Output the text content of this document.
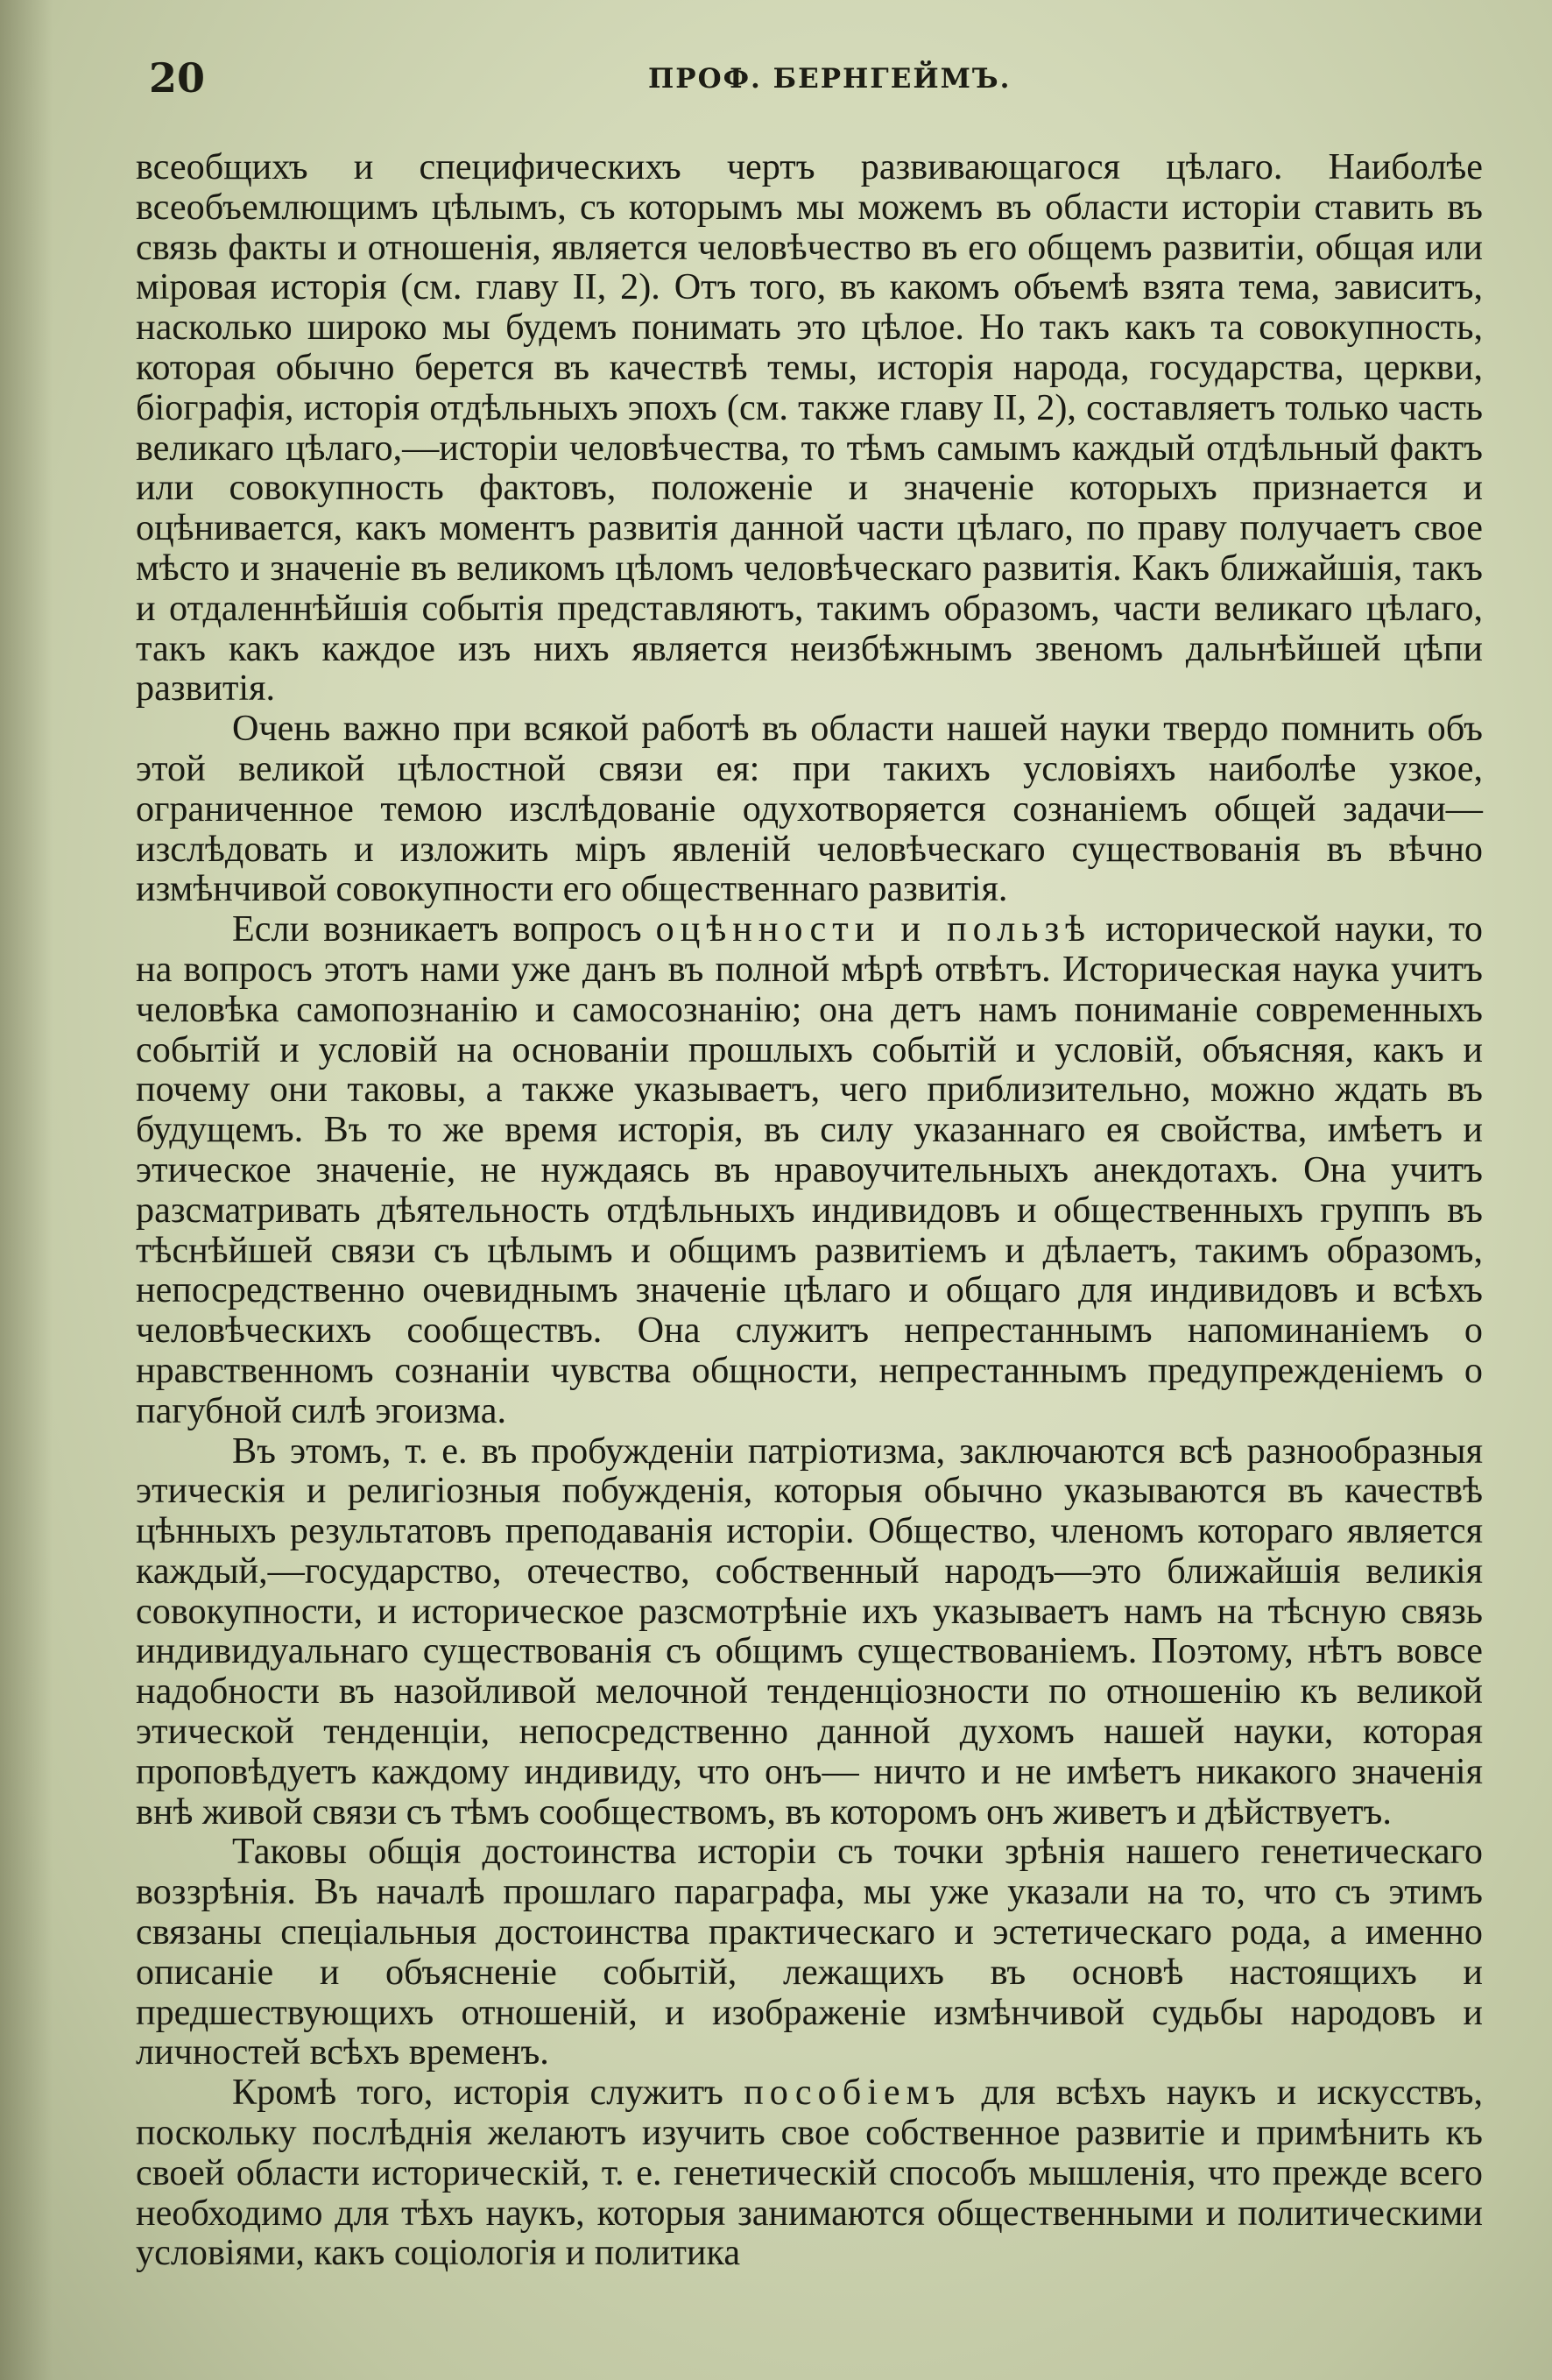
20	ПРОФ. БЕРНГЕЙМЪ.

всеобщихъ и специфическихъ чертъ развивающагося цѣлаго. Наиболѣе всеобъемлющимъ цѣлымъ, съ которымъ мы можемъ въ области исторіи ставить въ связь факты и отношенія, является человѣчество въ его общемъ развитіи, общая или міровая исторія (см. главу II, 2). Отъ того, въ какомъ объемѣ взята тема, зависитъ, насколько широко мы будемъ понимать это цѣлое. Но такъ какъ та совокупность, которая обычно берется въ качествѣ темы, исторія народа, государства, церкви, біографія, исторія отдѣльныхъ эпохъ (см. также главу II, 2), составляетъ только часть великаго цѣлаго,—исторіи человѣчества, то тѣмъ самымъ каждый отдѣльный фактъ или совокупность фактовъ, положеніе и значеніе которыхъ признается и оцѣнивается, какъ моментъ развитія данной части цѣлаго, по праву получаетъ свое мѣсто и значеніе въ великомъ цѣломъ человѣческаго развитія. Какъ ближайшія, такъ и отдаленнѣйшія событія представляютъ, такимъ образомъ, части великаго цѣлаго, такъ какъ каждое изъ нихъ является неизбѣжнымъ звеномъ дальнѣйшей цѣпи развитія.

Очень важно при всякой работѣ въ области нашей науки твердо помнить объ этой великой цѣлостной связи ея: при такихъ условіяхъ наиболѣе узкое, ограниченное темою изслѣдованіе одухотворяется сознаніемъ общей задачи— изслѣдовать и изложить міръ явленій человѣческаго существованія въ вѣчно измѣнчивой совокупности его общественнаго развитія.

Если возникаетъ вопросъ оцѣнности и пользѣ исторической науки, то на вопросъ этотъ нами уже данъ въ полной мѣрѣ отвѣтъ. Историческая наука учитъ человѣка самопознанію и самосознанію; она детъ намъ пониманіе современныхъ событій и условій на основаніи прошлыхъ событій и условій, объясняя, какъ и почему они таковы, а также указываетъ, чего приблизительно, можно ждать въ будущемъ. Въ то же время исторія, въ силу указаннаго ея свойства, имѣетъ и этическое значеніе, не нуждаясь въ нравоучительныхъ анекдотахъ. Она учитъ разсматривать дѣятельность отдѣльныхъ индивидовъ и общественныхъ группъ въ тѣснѣйшей связи съ цѣлымъ и общимъ развитіемъ и дѣлаетъ, такимъ образомъ, непосредственно очевиднымъ значеніе цѣлаго и общаго для индивидовъ и всѣхъ человѣческихъ сообществъ. Она служитъ непрестаннымъ напоминаніемъ о нравственномъ сознаніи чувства общности, непрестаннымъ предупрежденіемъ о пагубной силѣ эгоизма.

Въ этомъ, т. е. въ пробужденіи патріотизма, заключаются всѣ разнообразныя этическія и религіозныя побужденія, которыя обычно указываются въ качествѣ цѣнныхъ результатовъ преподаванія исторіи. Общество, членомъ котораго является каждый,—государство, отечество, собственный народъ—это ближайшія великія совокупности, и историческое разсмотрѣніе ихъ указываетъ намъ на тѣсную связь индивидуальнаго существованія съ общимъ существованіемъ. Поэтому, нѣтъ вовсе надобности въ назойливой мелочной тенденціозности по отношенію къ великой этической тенденціи, непосредственно данной духомъ нашей науки, которая проповѣдуетъ каждому индивиду, что онъ— ничто и не имѣетъ никакого значенія внѣ живой связи съ тѣмъ сообществомъ, въ которомъ онъ живетъ и дѣйствуетъ.

Таковы общія достоинства исторіи съ точки зрѣнія нашего генетическаго воззрѣнія. Въ началѣ прошлаго параграфа, мы уже указали на то, что съ этимъ связаны спеціальныя достоинства практическаго и эстетическаго рода, а именно описаніе и объясненіе событій, лежащихъ въ основѣ настоящихъ и предшествующихъ отношеній, и изображеніе измѣнчивой судьбы народовъ и личностей всѣхъ временъ.

Кромѣ того, исторія служитъ пособіемъ для всѣхъ наукъ и искусствъ, поскольку послѣднія желаютъ изучить свое собственное развитіе и примѣнить къ своей области историческій, т. е. генетическій способъ мышленія, что прежде всего необходимо для тѣхъ наукъ, которыя занимаются общественными и политическими условіями, какъ соціологія и политика
